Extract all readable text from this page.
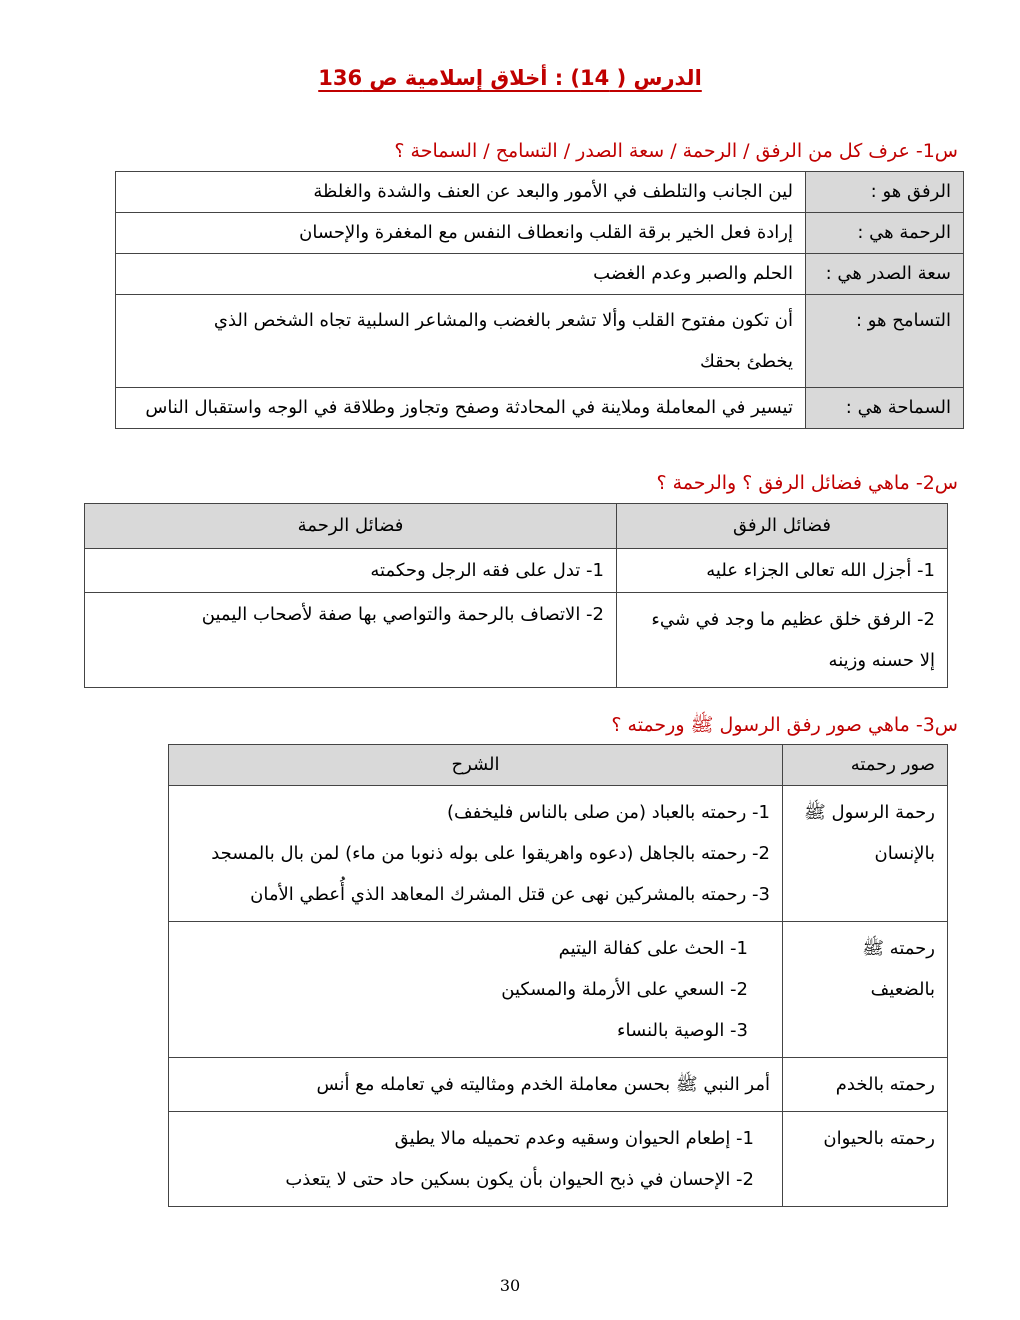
الدرس ( 14) : أخلاق إسلامية ص 136
س1- عرف كل من الرفق / الرحمة / سعة الصدر / التسامح / السماحة ؟
الرفق هو :	لين الجانب والتلطف في الأمور والبعد عن العنف والشدة والغلظة
الرحمة هي :	إرادة فعل الخير برقة القلب وانعطاف النفس مع المغفرة والإحسان
سعة الصدر هي :	الحلم والصبر وعدم الغضب
التسامح هو :	أن تكون مفتوح القلب وألا تشعر بالغضب والمشاعر السلبية تجاه الشخص الذي
يخطئ بحقك

السماحة هي :	تيسير في المعاملة وملاينة في المحادثة وصفح وتجاوز وطلاقة في الوجه واستقبال الناس
س2- ماهي فضائل الرفق ؟ والرحمة ؟
فضائل الرفق	فضائل الرحمة
1- أجزل الله تعالى الجزاء عليه	1- تدل على فقه الرجل وحكمته

2- الرفق خلق عظيم ما وجد في شيء
إلا حسنه وزينه	2- الاتصاف بالرحمة والتواصي بها صفة لأصحاب اليمين
س3- ماهي صور رفق الرسول ﷺ ورحمته ؟
صور رحمته	الشرح

رحمة الرسول ﷺ
بالإنسان	1- رحمته بالعباد (من صلى بالناس فليخفف)
2- رحمته بالجاهل (دعوه واهريقوا على بوله ذنوبا من ماء) لمن بال بالمسجد
3- رحمته بالمشركين نهى عن قتل المشرك المعاهد الذي أُعطي الأمان

رحمته ﷺ
بالضعيف	1- الحث على كفالة اليتيم
2- السعي على الأرملة والمسكين
3- الوصية بالنساء

رحمته بالخدم	أمر النبي ﷺ بحسن معاملة الخدم ومثاليته في تعامله مع أنس

رحمته بالحيوان	1- إطعام الحيوان وسقيه وعدم تحميله مالا يطيق
2- الإحسان في ذبح الحيوان بأن يكون بسكين حاد حتى لا يتعذب
30
